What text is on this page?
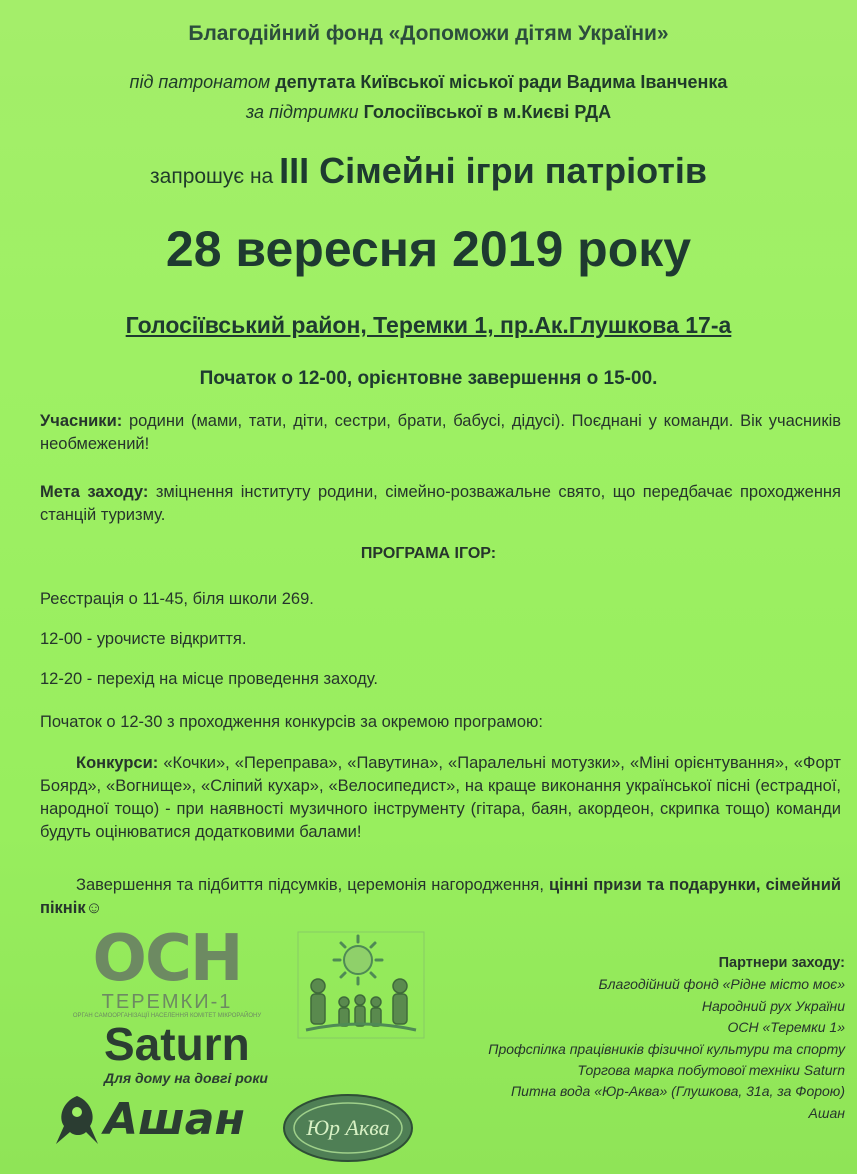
Благодійний фонд «Допоможи дітям України»
під патронатом депутата Київської міської ради Вадима Іванченка
за підтримки Голосіївської в м.Києві РДА
запрошує на ІІІ Сімейні ігри патріотів
28 вересня 2019 року
Голосіївський район, Теремки 1, пр.Ак.Глушкова 17-а
Початок о 12-00, орієнтовне завершення о 15-00.
Учасники: родини (мами, тати, діти, сестри, брати, бабусі, дідусі). Поєднані у команди. Вік учасників необмежений!
Мета заходу: зміцнення інституту родини, сімейно-розважальне свято, що передбачає проходження станцій туризму.
ПРОГРАМА ІГОР:
Реєстрація о 11-45, біля школи 269.
12-00 - урочисте відкриття.
12-20 - перехід на місце проведення заходу.
Початок о 12-30 з проходження конкурсів за окремою програмою:
Конкурси: «Кочки», «Переправа», «Павутина», «Паралельні мотузки», «Міні орієнтування», «Форт Боярд», «Вогнище», «Сліпий кухар», «Велосипедист», на краще виконання української пісні (естрадної, народної тощо) - при наявності музичного інструменту (гітара, баян, акордеон, скрипка тощо) команди будуть оцінюватися додатковими балами!
Завершення та підбиття підсумків, церемонія нагородження, цінні призи та подарунки, сімейний пікнік☺
ОСН
ТЕРЕМКИ-1
ОРГАН САМООРГАНІЗАЦІЇ НАСЕЛЕННЯ КОМІТЕТ МІКРОРАЙОНУ
Saturn
Для дому на довгі роки
Ашан	Юр Аква
Партнери заходу:
Благодійний фонд «Рідне місто моє»
Народний рух України
ОСН «Теремки 1»
Профспілка працівників фізичної культури та спорту
Торгова марка побутової техніки Saturn
Питна вода «Юр-Аква» (Глушкова, 31а, за Форою)
Ашан
